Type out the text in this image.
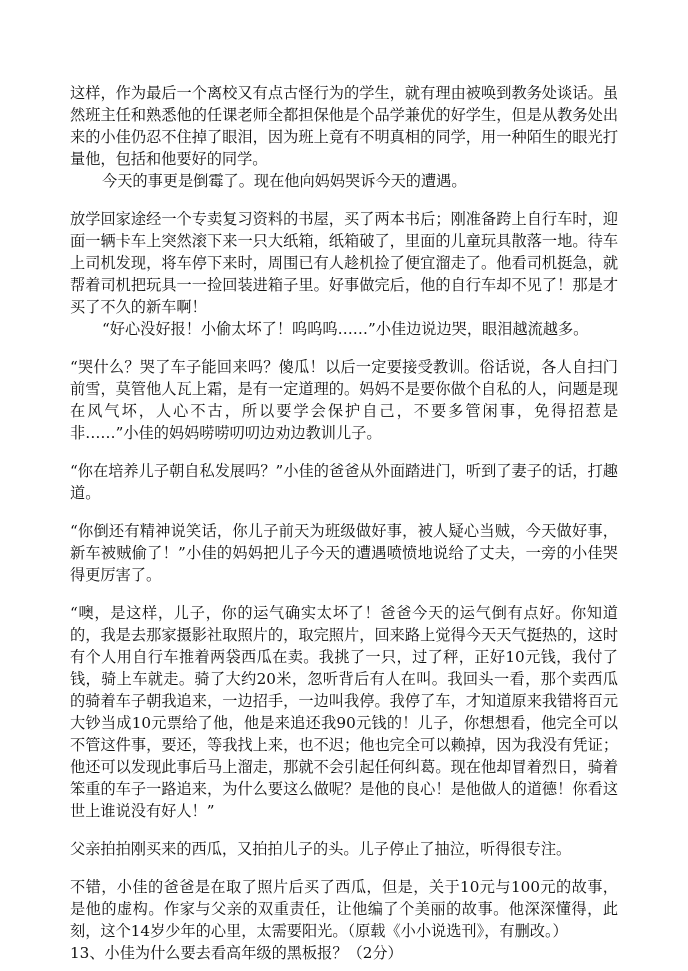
这样，作为最后一个离校又有点古怪行为的学生，就有理由被唤到教务处谈话。虽然班主任和熟悉他的任课老师全都担保他是个品学兼优的好学生，但是从教务处出来的小佳仍忍不住掉了眼泪，因为班上竟有不明真相的同学，用一种陌生的眼光打量他，包括和他要好的同学。

今天的事更是倒霉了。现在他向妈妈哭诉今天的遭遇。

放学回家途经一个专卖复习资料的书屋，买了两本书后；刚准备跨上自行车时，迎面一辆卡车上突然滚下来一只大纸箱，纸箱破了，里面的儿童玩具散落一地。待车上司机发现，将车停下来时，周围已有人趁机捡了便宜溜走了。他看司机挺急，就帮着司机把玩具一一捡回装进箱子里。好事做完后，他的自行车却不见了！那是才买了不久的新车啊！

“好心没好报！小偷太坏了！呜呜呜……”小佳边说边哭，眼泪越流越多。

“哭什么？哭了车子能回来吗？傻瓜！以后一定要接受教训。俗话说，各人自扫门前雪，莫管他人瓦上霜，是有一定道理的。妈妈不是要你做个自私的人，问题是现在风气坏，人心不古，所以要学会保护自己，不要多管闲事，免得招惹是非……”小佳的妈妈唠唠叨叨边劝边教训儿子。

“你在培养儿子朝自私发展吗？”小佳的爸爸从外面踏进门，听到了妻子的话，打趣道。

“你倒还有精神说笑话，你儿子前天为班级做好事，被人疑心当贼，今天做好事，新车被贼偷了！”小佳的妈妈把儿子今天的遭遇喷愤地说给了丈夫，一旁的小佳哭得更厉害了。

“噢，是这样，儿子，你的运气确实太坏了！爸爸今天的运气倒有点好。你知道的，我是去那家摄影社取照片的，取完照片，回来路上觉得今天天气挺热的，这时有个人用自行车推着两袋西瓜在卖。我挑了一只，过了秤，正好10元钱，我付了钱，骑上车就走。骑了大约20米，忽听背后有人在叫。我回头一看，那个卖西瓜的骑着车子朝我追来，一边招手，一边叫我停。我停了车，才知道原来我错将百元大钞当成10元票给了他，他是来追还我90元钱的！儿子，你想想看，他完全可以不管这件事，要还，等我找上来，也不迟；他也完全可以赖掉，因为我没有凭证；他还可以发现此事后马上溜走，那就不会引起任何纠葛。现在他却冒着烈日，骑着笨重的车子一路追来，为什么要这么做呢？是他的良心！是他做人的道德！你看这世上谁说没有好人！”

父亲拍拍刚买来的西瓜，又拍拍儿子的头。儿子停止了抽泣，听得很专注。

不错，小佳的爸爸是在取了照片后买了西瓜，但是，关于10元与100元的故事，是他的虚构。作家与父亲的双重责任，让他编了个美丽的故事。他深深懂得，此刻，这个14岁少年的心里，太需要阳光。（原载《小小说选刊》，有删改。）

13、小佳为什么要去看高年级的黑板报？（2分）
